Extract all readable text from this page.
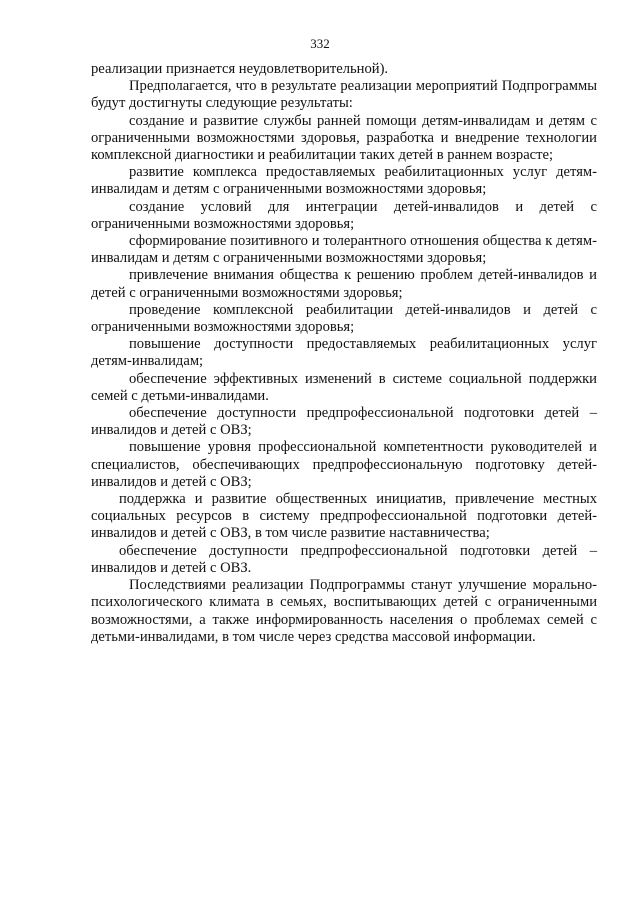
332

реализации признается неудовлетворительной).

Предполагается, что в результате реализации мероприятий Подпрограммы будут достигнуты следующие результаты:

создание и развитие службы ранней помощи детям-инвалидам и детям с ограниченными возможностями здоровья, разработка и внедрение технологии комплексной диагностики и реабилитации таких детей в раннем возрасте;

развитие комплекса предоставляемых реабилитационных услуг детям-инвалидам и детям с ограниченными возможностями здоровья;

создание условий для интеграции детей-инвалидов и детей с ограниченными возможностями здоровья;

сформирование позитивного и толерантного отношения общества к детям-инвалидам и детям с ограниченными возможностями здоровья;

привлечение внимания общества к решению проблем детей-инвалидов и детей с ограниченными возможностями здоровья;

проведение комплексной реабилитации детей-инвалидов и детей с ограниченными возможностями здоровья;

повышение доступности предоставляемых реабилитационных услуг детям-инвалидам;

обеспечение эффективных изменений в системе социальной поддержки семей с детьми-инвалидами.

обеспечение доступности предпрофессиональной подготовки детей – инвалидов и детей с ОВЗ;

повышение уровня профессиональной компетентности руководителей и специалистов, обеспечивающих предпрофессиональную подготовку детей-инвалидов и детей с ОВЗ;

поддержка и развитие общественных инициатив, привлечение местных социальных ресурсов в систему предпрофессиональной подготовки детей-инвалидов и детей с ОВЗ, в том числе развитие наставничества;

обеспечение доступности предпрофессиональной подготовки детей – инвалидов и детей с ОВЗ.

Последствиями реализации Подпрограммы станут улучшение морально-психологического климата в семьях, воспитывающих детей с ограниченными возможностями, а также информированность населения о проблемах семей с детьми-инвалидами, в том числе через средства массовой информации.
